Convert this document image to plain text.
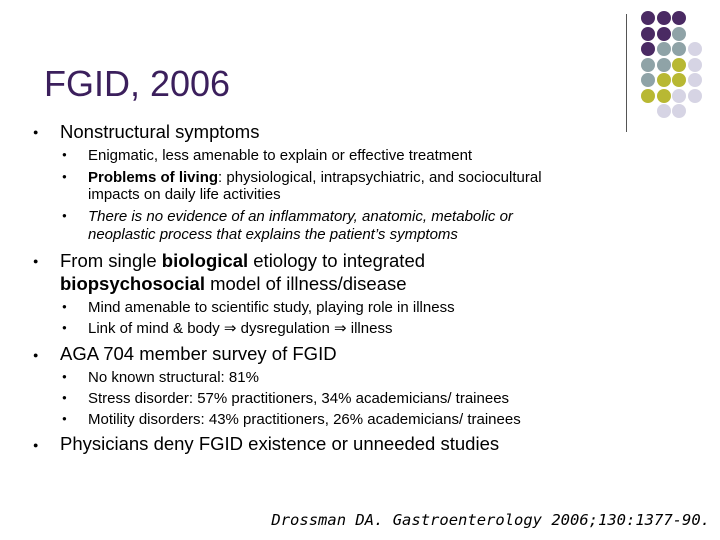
FGID, 2006
● Nonstructural symptoms
● Enigmatic, less amenable to explain or effective treatment
● Problems of living: physiological, intrapsychiatric, and sociocultural
impacts on daily life activities
● There is no evidence of an inflammatory, anatomic, metabolic or
neoplastic process that explains the patient’s symptoms
● From single biological etiology to integrated
biopsychosocial model of illness/disease
● Mind amenable to scientific study, playing role in illness
● Link of mind & body ⇒ dysregulation ⇒ illness
● AGA 704 member survey of FGID
● No known structural: 81%
● Stress disorder: 57% practitioners, 34% academicians/ trainees
● Motility disorders: 43% practitioners, 26% academicians/ trainees
● Physicians deny FGID existence or unneeded studies
Drossman DA. Gastroenterology 2006;130:1377-90.
